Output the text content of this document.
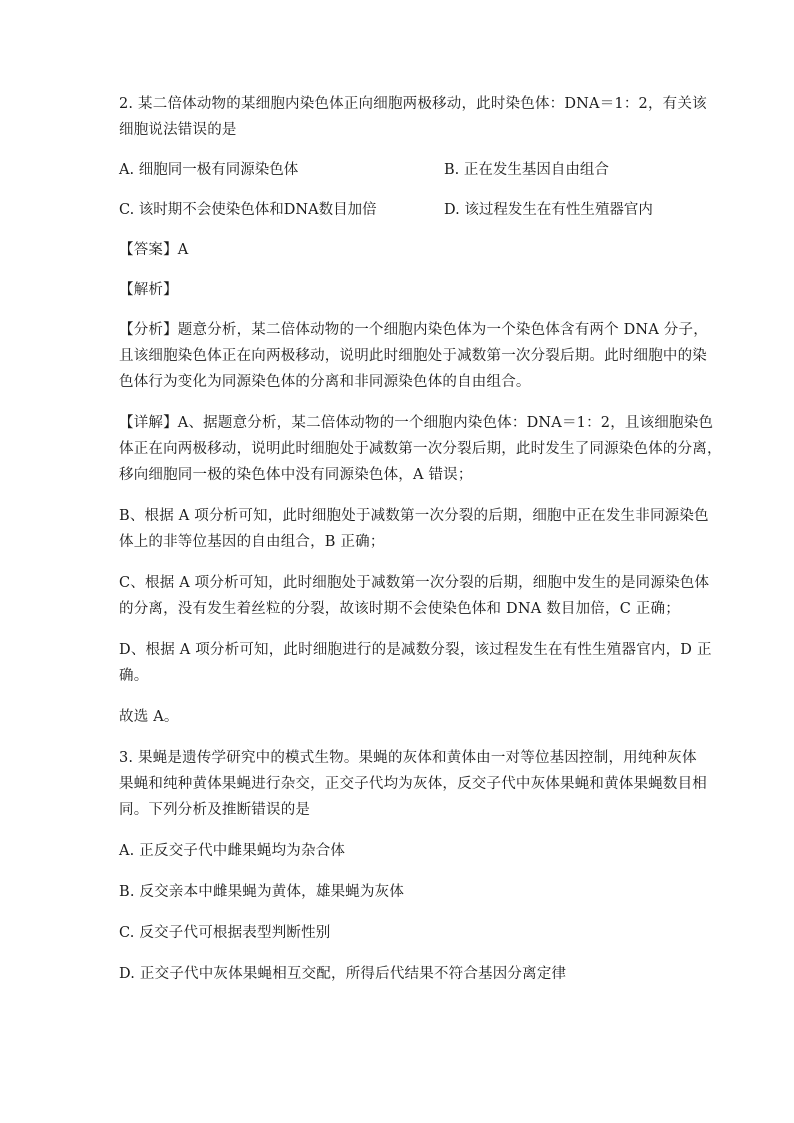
2. 某二倍体动物的某细胞内染色体正向细胞两极移动，此时染色体：DNA＝1：2，有关该
细胞说法错误的是
A. 细胞同一极有同源染色体	B. 正在发生基因自由组合
C. 该时期不会使染色体和DNA数目加倍	D. 该过程发生在有性生殖器官内
【答案】A
【解析】
【分析】题意分析，某二倍体动物的一个细胞内染色体为一个染色体含有两个 DNA 分子，
且该细胞染色体正在向两极移动，说明此时细胞处于减数第一次分裂后期。此时细胞中的染
色体行为变化为同源染色体的分离和非同源染色体的自由组合。
【详解】A、据题意分析，某二倍体动物的一个细胞内染色体：DNA＝1：2，且该细胞染色
体正在向两极移动，说明此时细胞处于减数第一次分裂后期，此时发生了同源染色体的分离，
移向细胞同一极的染色体中没有同源染色体，A 错误；
B、根据 A 项分析可知，此时细胞处于减数第一次分裂的后期，细胞中正在发生非同源染色
体上的非等位基因的自由组合，B 正确；
C、根据 A 项分析可知，此时细胞处于减数第一次分裂的后期，细胞中发生的是同源染色体
的分离，没有发生着丝粒的分裂，故该时期不会使染色体和 DNA 数目加倍，C 正确；
D、根据 A 项分析可知，此时细胞进行的是减数分裂，该过程发生在有性生殖器官内，D 正
确。
故选 A。
3. 果蝇是遗传学研究中的模式生物。果蝇的灰体和黄体由一对等位基因控制，用纯种灰体
果蝇和纯种黄体果蝇进行杂交，正交子代均为灰体，反交子代中灰体果蝇和黄体果蝇数目相
同。下列分析及推断错误的是
A. 正反交子代中雌果蝇均为杂合体
B. 反交亲本中雌果蝇为黄体，雄果蝇为灰体
C. 反交子代可根据表型判断性别
D. 正交子代中灰体果蝇相互交配，所得后代结果不符合基因分离定律
